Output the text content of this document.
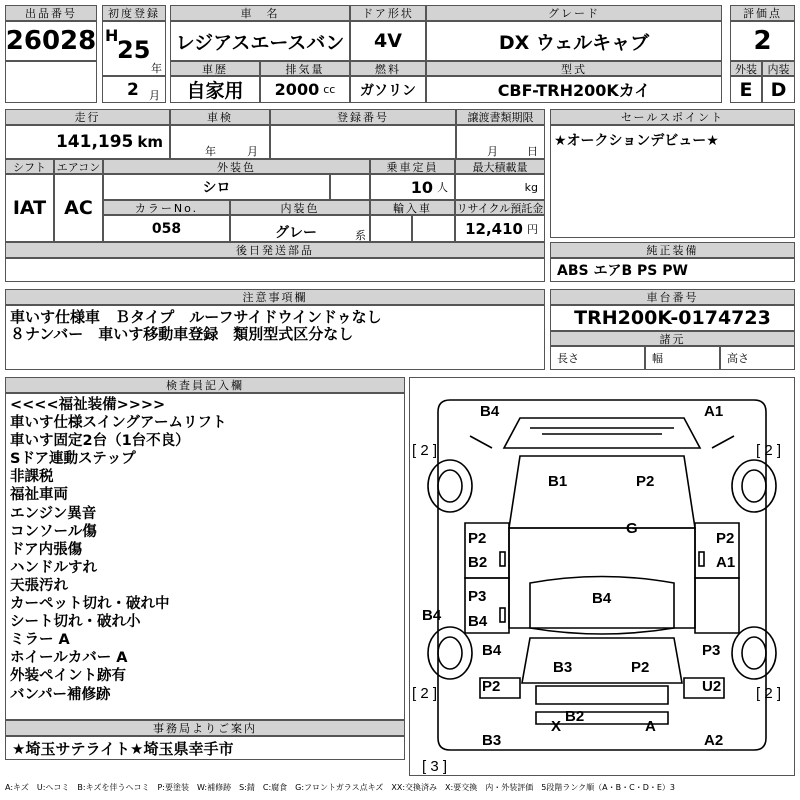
出品番号
26028
初度登録
H
25
年
2 月
車　名
レジアスエースバン
ドア形状
4V
グレード
DX ウェルキャブ
評価点
2
車歴
自家用
排気量
2000 cc
燃料
ガソリン
型式
CBF-TRH200Kカイ
外装 内装
E D
走行
141,195 km
車検
年	月
登録番号	譲渡書類期限
月	日
セールスポイント
★オークションデビュー★
シフト
IAT
エアコン
AC
外装色
シロ
乗車定員
10 人
最大積載量
kg
カラーNo.
058
内装色
グレー	系
輸入車	リサイクル預託金
12,410 円
後日発送部品	純正装備
ABS エアB PS PW
注意事項欄
車いす仕様車　Ｂタイプ　ルーフサイドウインドゥなし
８ナンバー　車いす移動車登録　類別型式区分なし
車台番号
TRH200K-0174723
諸元
長さ	幅	高さ
検査員記入欄
<<<<福祉装備>>>>
車いす仕様スイングアームリフト
車いす固定2台（1台不良）
Sドア連動ステップ
非課税
福祉車両
エンジン異音
コンソール傷
ドア内張傷
ハンドルすれ
天張汚れ
カーペット切れ・破れ中
シート切れ・破れ小
ミラー A
ホイールカバー A
外装ペイント跡有
バンパー補修跡
事務局よりご案内
★埼玉サテライト★埼玉県幸手市
B4	A1
B1	P2
G
P2
B2
P2
A1
P3
B4
B4
B4
B4	P3
B3	P2
P2	U2
X	A
B2
B3	A2
[ 2 ]	[ 2 ]
[ 2 ]	[ 2 ]
[ 3 ]
A:キズ　U:ヘコミ　B:キズを伴うヘコミ　P:要塗装　W:補修跡　S:錆　C:腐食　G:フロントガラス点キズ　XX:交換済み　X:要交換　内・外装評価　5段階ランク順（A・B・C・D・E）3
